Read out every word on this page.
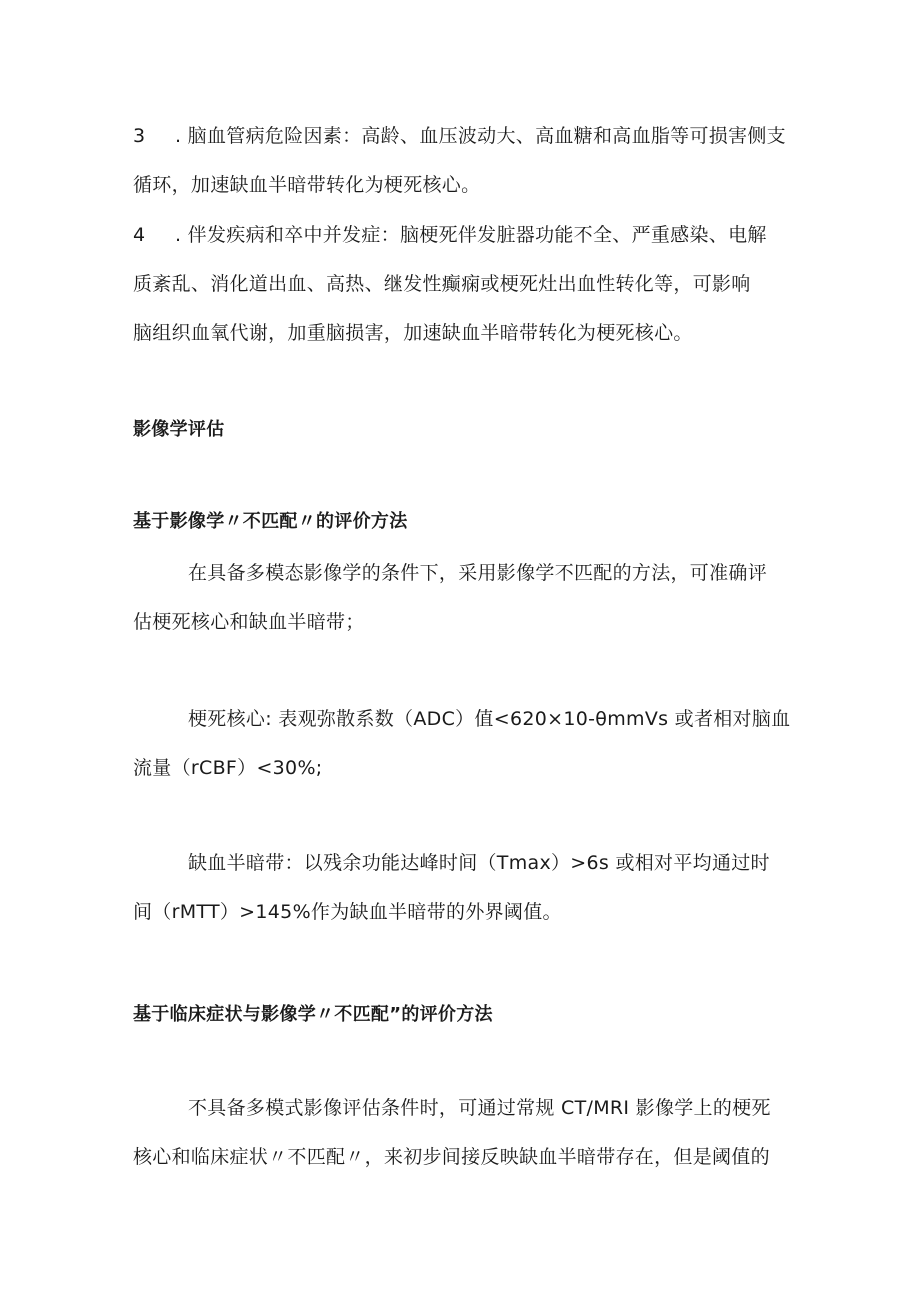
3 . 脑血管病危险因素：高龄、血压波动大、高血糖和高血脂等可损害侧支
循环，加速缺血半暗带转化为梗死核心。
4 . 伴发疾病和卒中并发症：脑梗死伴发脏器功能不全、严重感染、电解
质紊乱、消化道出血、高热、继发性癫痫或梗死灶出血性转化等，可影响
脑组织血氧代谢，加重脑损害，加速缺血半暗带转化为梗死核心。
影像学评估
基于影像学〃不匹配〃的评价方法
在具备多模态影像学的条件下，采用影像学不匹配的方法，可准确评
估梗死核心和缺血半暗带；
梗死核心: 表观弥散系数（ADC）值<620×10-θmmVs 或者相对脑血
流量（rCBF）<30%;
缺血半暗带：以残余功能达峰时间（Tmax）>6s 或相对平均通过时
间（rMTT）>145%作为缺血半暗带的外界阈值。
基于临床症状与影像学〃不匹配”的评价方法
不具备多模式影像评估条件时，可通过常规 CT/MRI 影像学上的梗死
核心和临床症状〃不匹配〃，来初步间接反映缺血半暗带存在，但是阈值的
